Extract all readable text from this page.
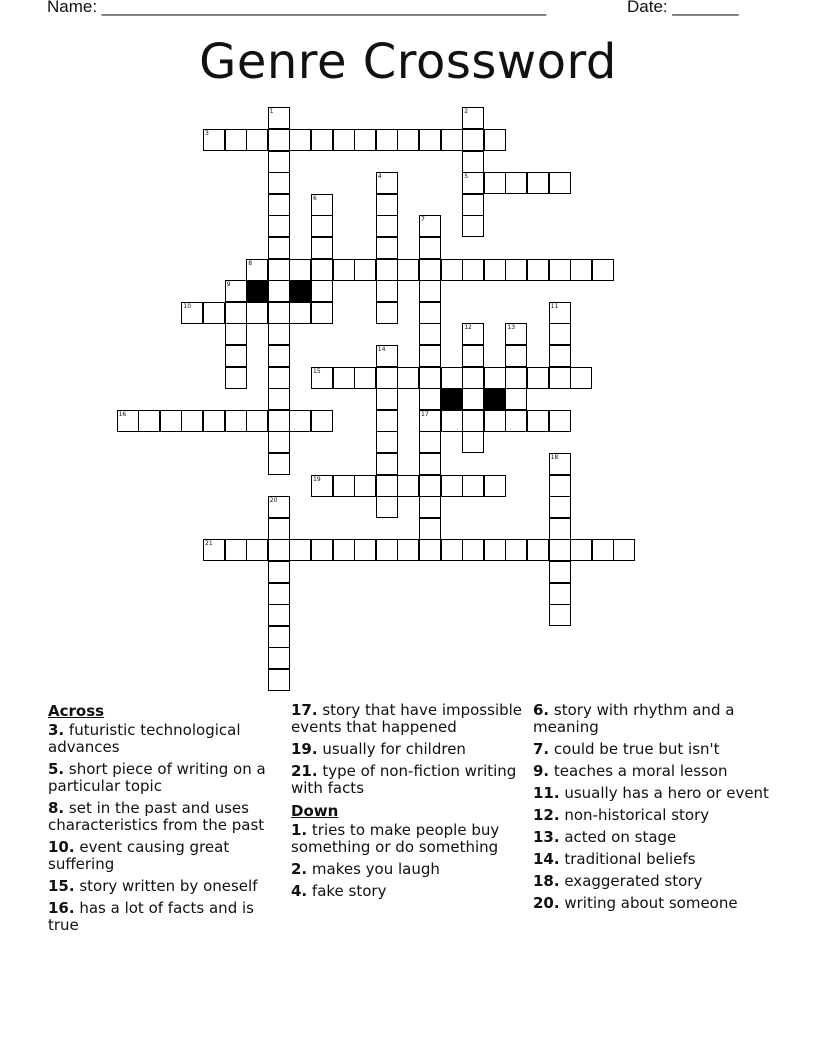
Name: _______________________________________________	Date: _______
Genre Crossword
1	2
5
3
4
6
7
17
8
9
10	11
12	13
14
15
16
18
19
20
21
Across
3. futuristic technological advances
5. short piece of writing on a particular topic
8. set in the past and uses characteristics from the past
10. event causing great suffering
15. story written by oneself
16. has a lot of facts and is true
17. story that have impossible events that happened
19. usually for children
21. type of non-fiction writing with facts
Down
1. tries to make people buy something or do something
2. makes you laugh
4. fake story
6. story with rhythm and a meaning
7. could be true but isn't
9. teaches a moral lesson
11. usually has a hero or event
12. non-historical story
13. acted on stage
14. traditional beliefs
18. exaggerated story
20. writing about someone
